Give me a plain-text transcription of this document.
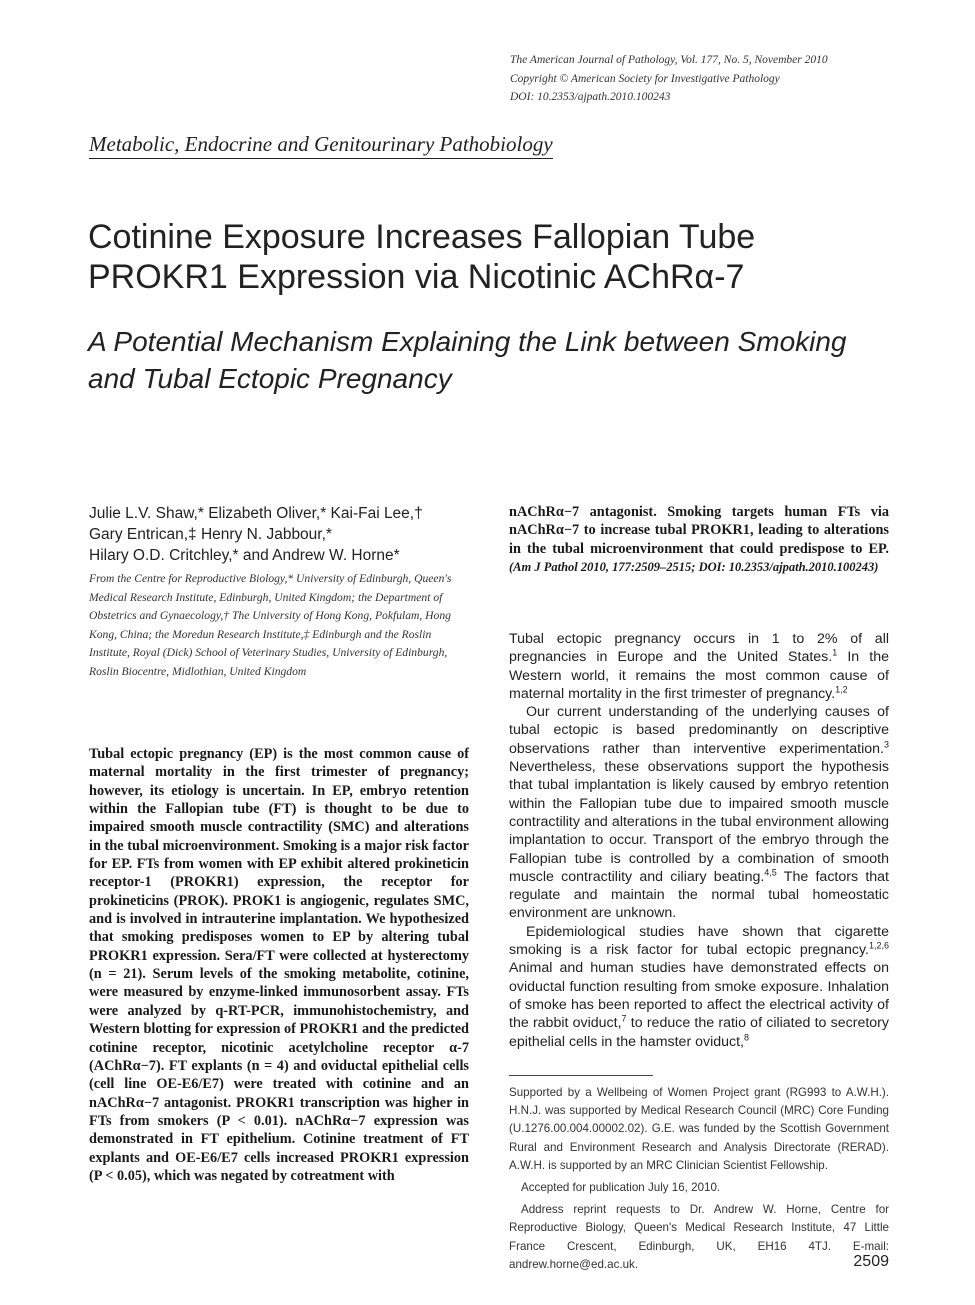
The American Journal of Pathology, Vol. 177, No. 5, November 2010
Copyright © American Society for Investigative Pathology
DOI: 10.2353/ajpath.2010.100243
Metabolic, Endocrine and Genitourinary Pathobiology
Cotinine Exposure Increases Fallopian Tube
PROKR1 Expression via Nicotinic AChRα-7
A Potential Mechanism Explaining the Link between Smoking
and Tubal Ectopic Pregnancy
Julie L.V. Shaw,* Elizabeth Oliver,* Kai-Fai Lee,†
Gary Entrican,‡ Henry N. Jabbour,*
Hilary O.D. Critchley,* and Andrew W. Horne*
From the Centre for Reproductive Biology,* University of Edinburgh, Queen's Medical Research Institute, Edinburgh, United Kingdom; the Department of Obstetrics and Gynaecology,† The University of Hong Kong, Pokfulam, Hong Kong, China; the Moredun Research Institute,‡ Edinburgh and the Roslin Institute, Royal (Dick) School of Veterinary Studies, University of Edinburgh, Roslin Biocentre, Midlothian, United Kingdom
Tubal ectopic pregnancy (EP) is the most common cause of maternal mortality in the first trimester of pregnancy; however, its etiology is uncertain. In EP, embryo retention within the Fallopian tube (FT) is thought to be due to impaired smooth muscle contractility (SMC) and alterations in the tubal microenvironment. Smoking is a major risk factor for EP. FTs from women with EP exhibit altered prokineticin receptor-1 (PROKR1) expression, the receptor for prokineticins (PROK). PROK1 is angiogenic, regulates SMC, and is involved in intrauterine implantation. We hypothesized that smoking predisposes women to EP by altering tubal PROKR1 expression. Sera/FT were collected at hysterectomy (n = 21). Serum levels of the smoking metabolite, cotinine, were measured by enzyme-linked immunosorbent assay. FTs were analyzed by q-RT-PCR, immunohistochemistry, and Western blotting for expression of PROKR1 and the predicted cotinine receptor, nicotinic acetylcholine receptor α-7 (AChRα−7). FT explants (n = 4) and oviductal epithelial cells (cell line OE-E6/E7) were treated with cotinine and an nAChRα−7 antagonist. PROKR1 transcription was higher in FTs from smokers (P < 0.01). nAChRα−7 expression was demonstrated in FT epithelium. Cotinine treatment of FT explants and OE-E6/E7 cells increased PROKR1 expression (P < 0.05), which was negated by cotreatment with
nAChRα−7 antagonist. Smoking targets human FTs via nAChRα−7 to increase tubal PROKR1, leading to alterations in the tubal microenvironment that could predispose to EP. (Am J Pathol 2010, 177:2509–2515; DOI: 10.2353/ajpath.2010.100243)

Tubal ectopic pregnancy occurs in 1 to 2% of all pregnancies in Europe and the United States.$^1$ In the Western world, it remains the most common cause of maternal mortality in the first trimester of pregnancy.$^{1,2}$

Our current understanding of the underlying causes of tubal ectopic is based predominantly on descriptive observations rather than interventive experimentation.$^3$ Nevertheless, these observations support the hypothesis that tubal implantation is likely caused by embryo retention within the Fallopian tube due to impaired smooth muscle contractility and alterations in the tubal environment allowing implantation to occur. Transport of the embryo through the Fallopian tube is controlled by a combination of smooth muscle contractility and ciliary beating.$^{4,5}$ The factors that regulate and maintain the normal tubal homeostatic environment are unknown.

Epidemiological studies have shown that cigarette smoking is a risk factor for tubal ectopic pregnancy.$^{1,2,6}$ Animal and human studies have demonstrated effects on oviductal function resulting from smoke exposure. Inhalation of smoke has been reported to affect the electrical activity of the rabbit oviduct,$^7$ to reduce the ratio of ciliated to secretory epithelial cells in the hamster oviduct,$^8$

Supported by a Wellbeing of Women Project grant (RG993 to A.W.H.). H.N.J. was supported by Medical Research Council (MRC) Core Funding (U.1276.00.004.00002.02). G.E. was funded by the Scottish Government Rural and Environment Research and Analysis Directorate (RERAD). A.W.H. is supported by an MRC Clinician Scientist Fellowship.

Accepted for publication July 16, 2010.

Address reprint requests to Dr. Andrew W. Horne, Centre for Reproductive Biology, Queen's Medical Research Institute, 47 Little France Crescent, Edinburgh, UK, EH16 4TJ. E-mail: andrew.horne@ed.ac.uk.	2509
